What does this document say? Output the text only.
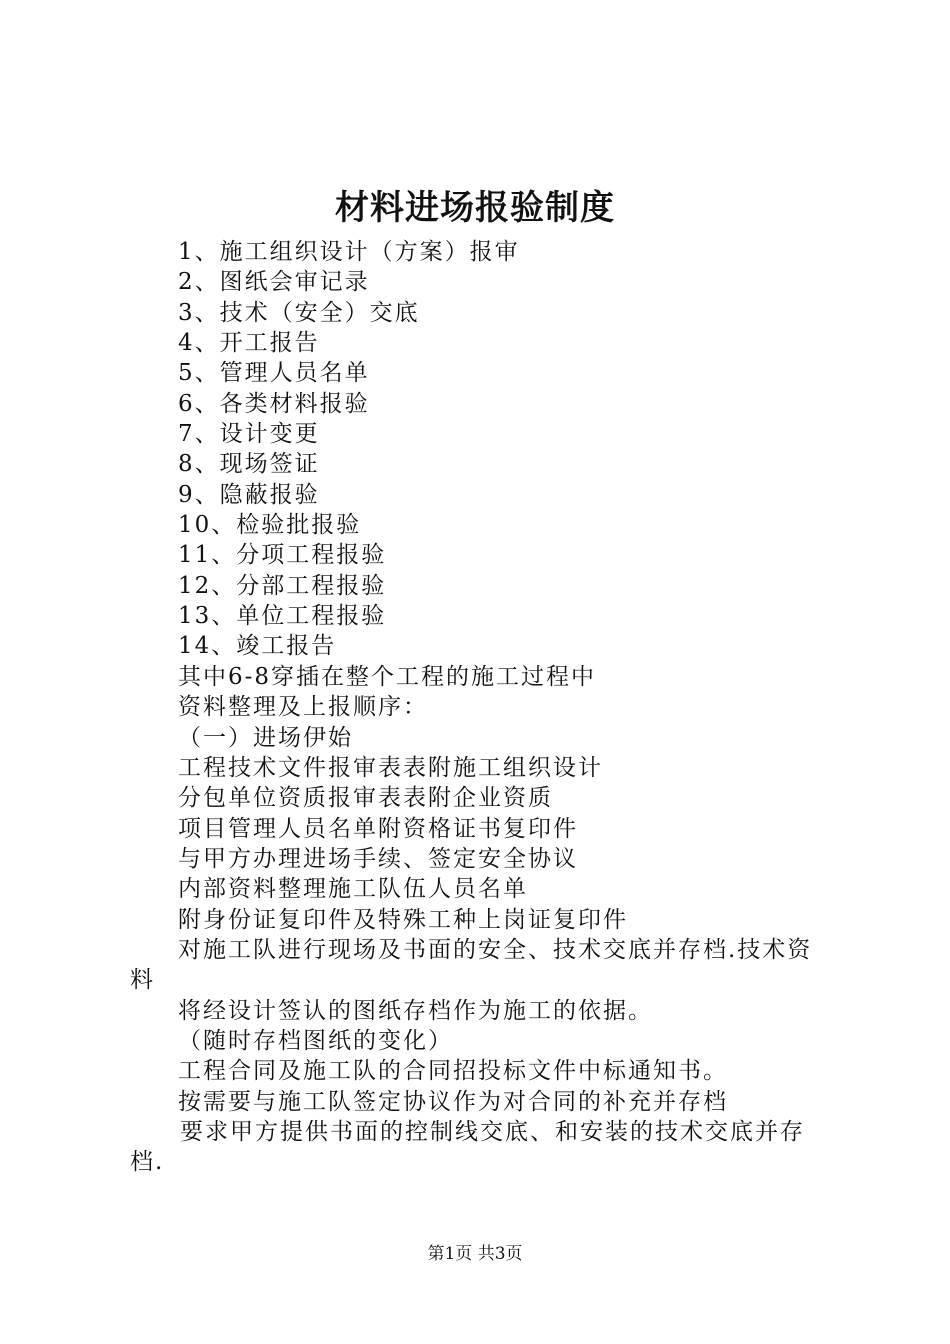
材料进场报验制度
1、施工组织设计（方案）报审
2、图纸会审记录
3、技术（安全）交底
4、开工报告
5、管理人员名单
6、各类材料报验
7、设计变更
8、现场签证
9、隐蔽报验
10、检验批报验
11、分项工程报验
12、分部工程报验
13、单位工程报验
14、竣工报告
其中6-8穿插在整个工程的施工过程中
资料整理及上报顺序：
（一）进场伊始
工程技术文件报审表表附施工组织设计
分包单位资质报审表表附企业资质
项目管理人员名单附资格证书复印件
与甲方办理进场手续、签定安全协议
内部资料整理施工队伍人员名单
附身份证复印件及特殊工种上岗证复印件
对施工队进行现场及书面的安全、技术交底并存档.技术资
料
将经设计签认的图纸存档作为施工的依据。
（随时存档图纸的变化）
工程合同及施工队的合同招投标文件中标通知书。
按需要与施工队签定协议作为对合同的补充并存档
要求甲方提供书面的控制线交底、和安装的技术交底并存
档.
第1页 共3页
